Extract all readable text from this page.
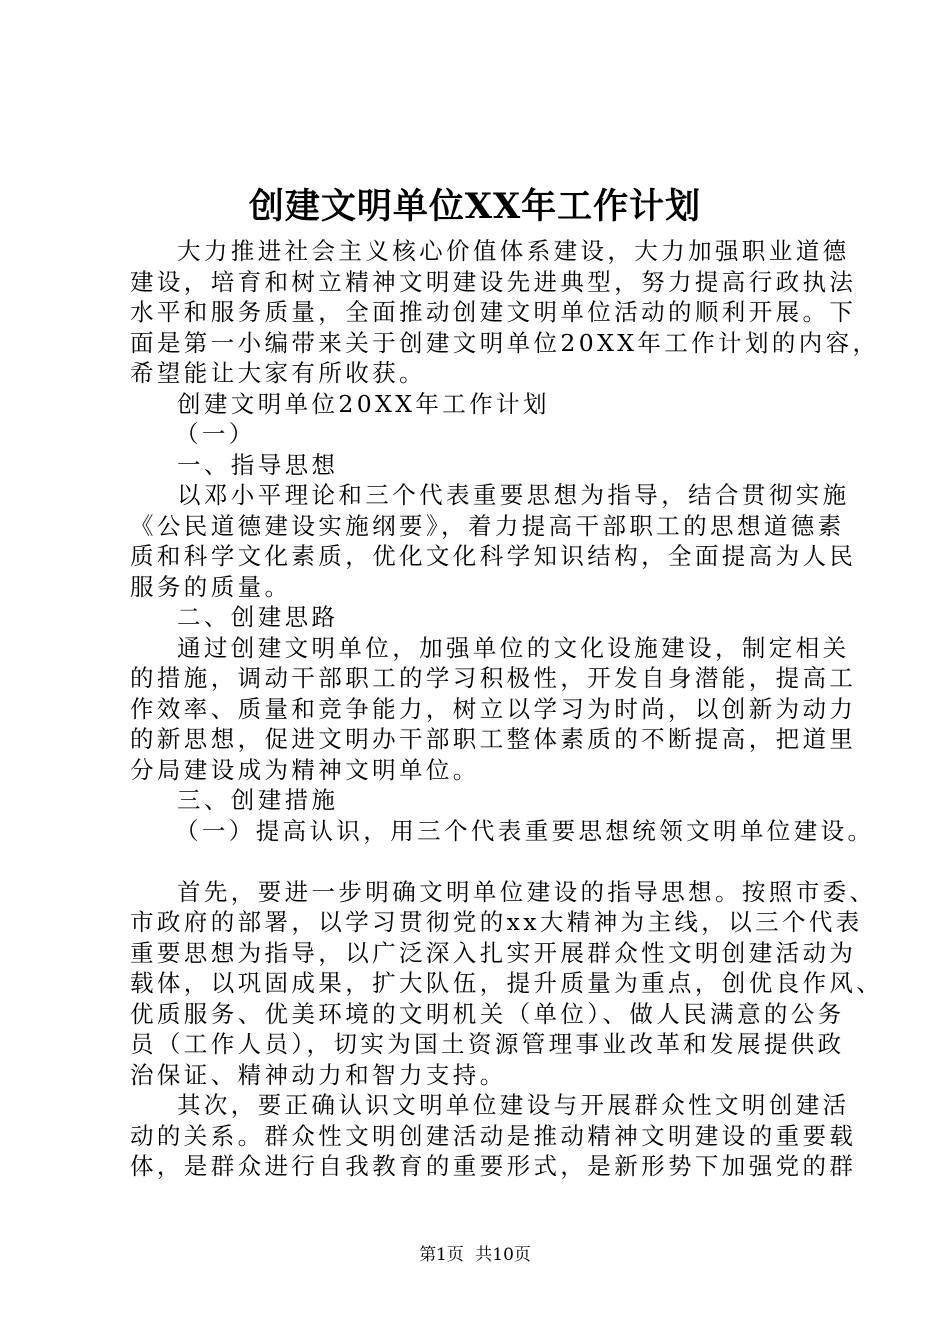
创建文明单位XX年工作计划
大力推进社会主义核心价值体系建设，大力加强职业道德
建设，培育和树立精神文明建设先进典型，努力提高行政执法
水平和服务质量，全面推动创建文明单位活动的顺利开展。下
面是第一小编带来关于创建文明单位20XX年工作计划的内容，
希望能让大家有所收获。
创建文明单位20XX年工作计划
（一）
一、指导思想
以邓小平理论和三个代表重要思想为指导，结合贯彻实施
《公民道德建设实施纲要》，着力提高干部职工的思想道德素
质和科学文化素质，优化文化科学知识结构，全面提高为人民
服务的质量。
二、创建思路
通过创建文明单位，加强单位的文化设施建设，制定相关
的措施，调动干部职工的学习积极性，开发自身潜能，提高工
作效率、质量和竞争能力，树立以学习为时尚，以创新为动力
的新思想，促进文明办干部职工整体素质的不断提高，把道里
分局建设成为精神文明单位。
三、创建措施
（一）提高认识，用三个代表重要思想统领文明单位建设。
首先，要进一步明确文明单位建设的指导思想。按照市委、
市政府的部署，以学习贯彻党的xx大精神为主线，以三个代表
重要思想为指导，以广泛深入扎实开展群众性文明创建活动为
载体，以巩固成果，扩大队伍，提升质量为重点，创优良作风、
优质服务、优美环境的文明机关（单位）、做人民满意的公务
员（工作人员），切实为国土资源管理事业改革和发展提供政
治保证、精神动力和智力支持。
其次，要正确认识文明单位建设与开展群众性文明创建活
动的关系。群众性文明创建活动是推动精神文明建设的重要载
体，是群众进行自我教育的重要形式，是新形势下加强党的群
第1页 共10页
